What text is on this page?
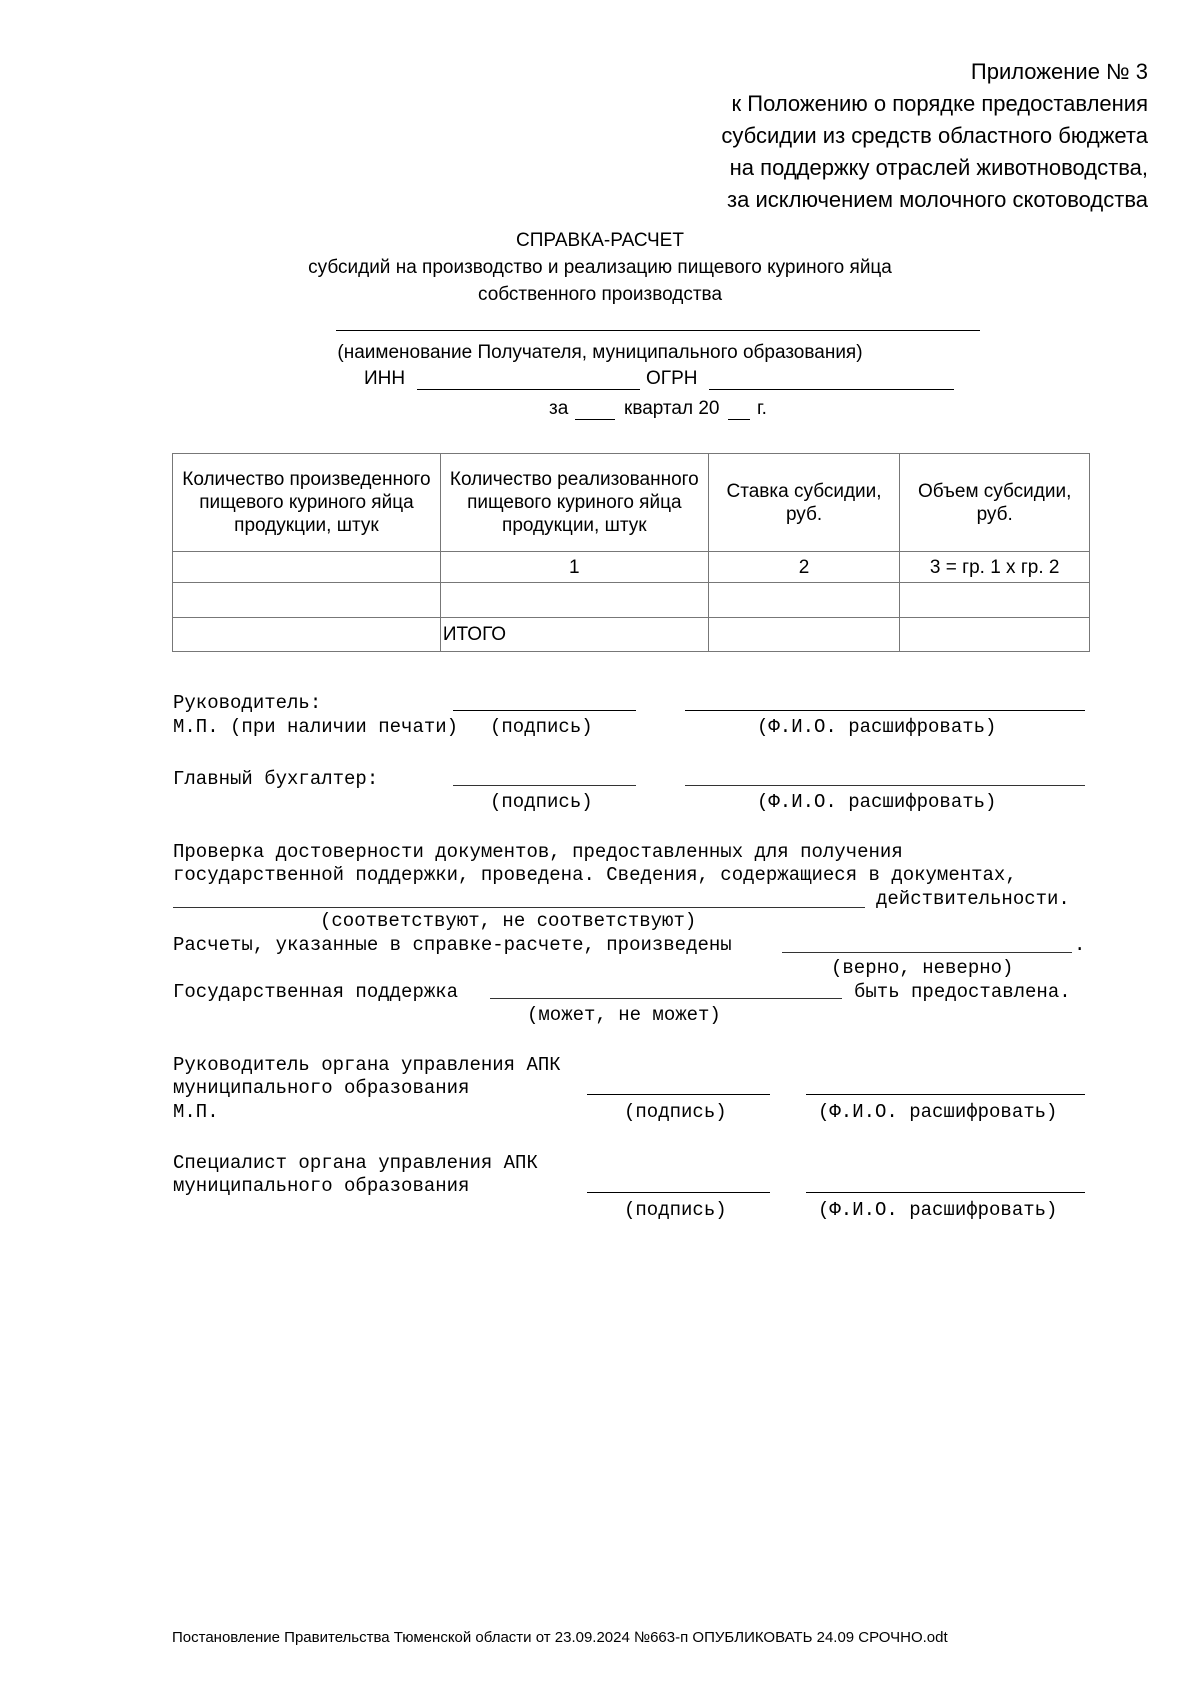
Приложение № 3
к Положению о порядке предоставления
субсидии из средств областного бюджета
на поддержку отраслей животноводства,
за исключением молочного скотоводства
СПРАВКА-РАСЧЕТ
субсидий на производство и реализацию пищевого куриного яйца
собственного производства
(наименование Получателя, муниципального образования)
ИНН	ОГРН
за	квартал 20 г.
Количество произведенного пищевого куриного яйца продукции, штук	Количество реализованного пищевого куриного яйца продукции, штук	Ставка субсидии, руб.	Объем субсидии, руб.
	1	2	3 = гр. 1 х гр. 2

	ИТОГО		
Руководитель:
М.П. (при наличии печати) (подпись)	(Ф.И.О. расшифровать)
Главный бухгалтер:
(подпись)	(Ф.И.О. расшифровать)
Проверка достоверности документов, предоставленных для получения
государственной поддержки, проведена. Сведения, содержащиеся в документах,
действительности.
(соответствуют, не соответствуют)
Расчеты, указанные в справке-расчете, произведены	.
(верно, неверно)
Государственная поддержка	быть предоставлена.
(может, не может)
Руководитель органа управления АПК
муниципального образования
М.П.	(подпись)	(Ф.И.О. расшифровать)
Специалист органа управления АПК
муниципального образования
(подпись)	(Ф.И.О. расшифровать)
Постановление Правительства Тюменской области от 23.09.2024 №663-п ОПУБЛИКОВАТЬ 24.09 СРОЧНО.odt
